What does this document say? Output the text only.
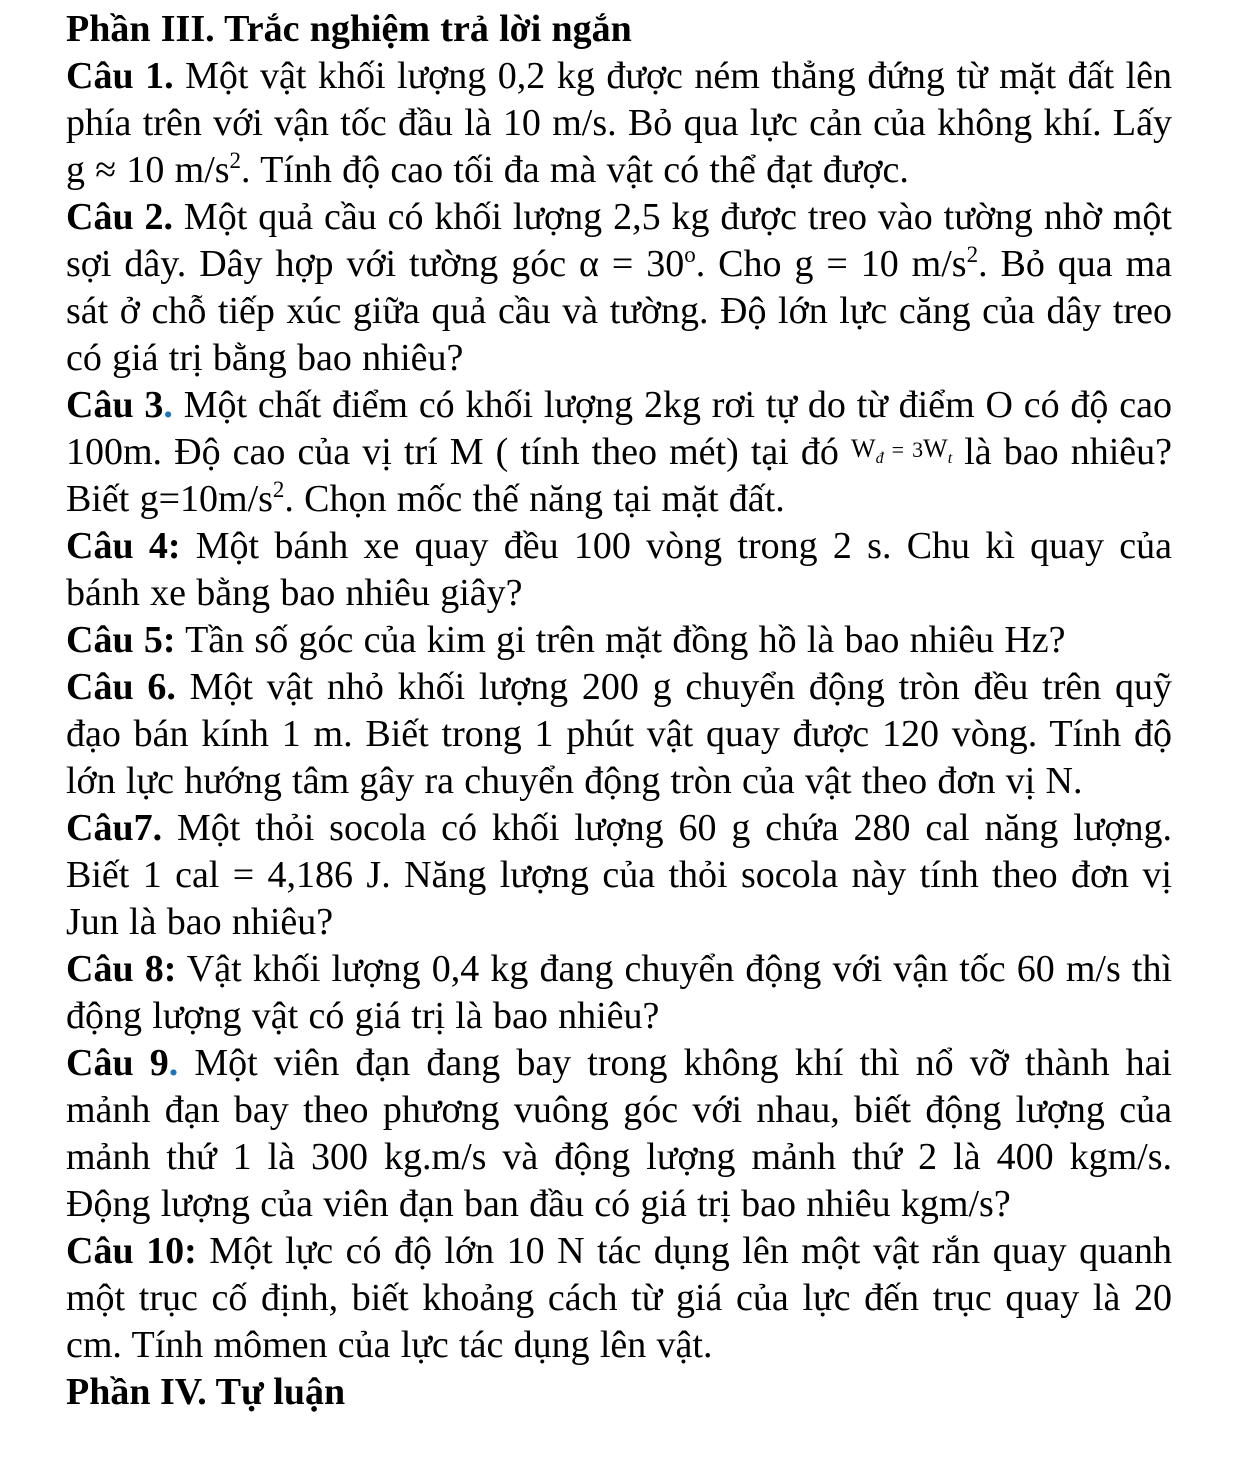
Phần III. Trắc nghiệm trả lời ngắn

Câu 1. Một vật khối lượng 0,2 kg được ném thẳng đứng từ mặt đất lên phía trên với vận tốc đầu là 10 m/s. Bỏ qua lực cản của không khí. Lấy g ≈ 10 $m/s^2$. Tính độ cao tối đa mà vật có thể đạt được.

Câu 2. Một quả cầu có khối lượng 2,5 kg được treo vào tường nhờ một sợi dây. Dây hợp với tường góc $\alpha = 30^o$. Cho g = 10 $m/s^2$. Bỏ qua ma sát ở chỗ tiếp xúc giữa quả cầu và tường. Độ lớn lực căng của dây treo có giá trị bằng bao nhiêu?

Câu 3. Một chất điểm có khối lượng 2kg rơi tự do từ điểm O có độ cao 100m. Độ cao của vị trí M ( tính theo mét) tại đó $W_đ = 3W_t$ là bao nhiêu?Biết $g=10m/s^2$. Chọn mốc thế năng tại mặt đất.

Câu 4: Một bánh xe quay đều 100 vòng trong 2 s. Chu kì quay của bánh xe bằng bao nhiêu giây?

Câu 5: Tần số góc của kim gi trên mặt đồng hồ là bao nhiêu Hz?

Câu 6. Một vật nhỏ khối lượng 200 g chuyển động tròn đều trên quỹ đạo bán kính 1 m. Biết trong 1 phút vật quay được 120 vòng. Tính độ lớn lực hướng tâm gây ra chuyển động tròn của vật theo đơn vị N.

Câu7. Một thỏi socola có khối lượng 60 g chứa 280 cal năng lượng. Biết 1 cal = 4,186 J. Năng lượng của thỏi socola này tính theo đơn vị Jun là bao nhiêu?

Câu 8: Vật khối lượng 0,4 kg đang chuyển động với vận tốc 60 m/s thì động lượng vật có giá trị là bao nhiêu?

Câu 9. Một viên đạn đang bay trong không khí thì nổ vỡ thành hai mảnh đạn bay theo phương vuông góc với nhau, biết động lượng của mảnh thứ 1 là 300 kg.m/s và động lượng mảnh thứ 2 là 400 kgm/s. Động lượng của viên đạn ban đầu có giá trị bao nhiêu kgm/s?

Câu 10: Một lực có độ lớn 10 N tác dụng lên một vật rắn quay quanh một trục cố định, biết khoảng cách từ giá của lực đến trục quay là 20 cm. Tính mômen của lực tác dụng lên vật.

Phần IV. Tự luận
